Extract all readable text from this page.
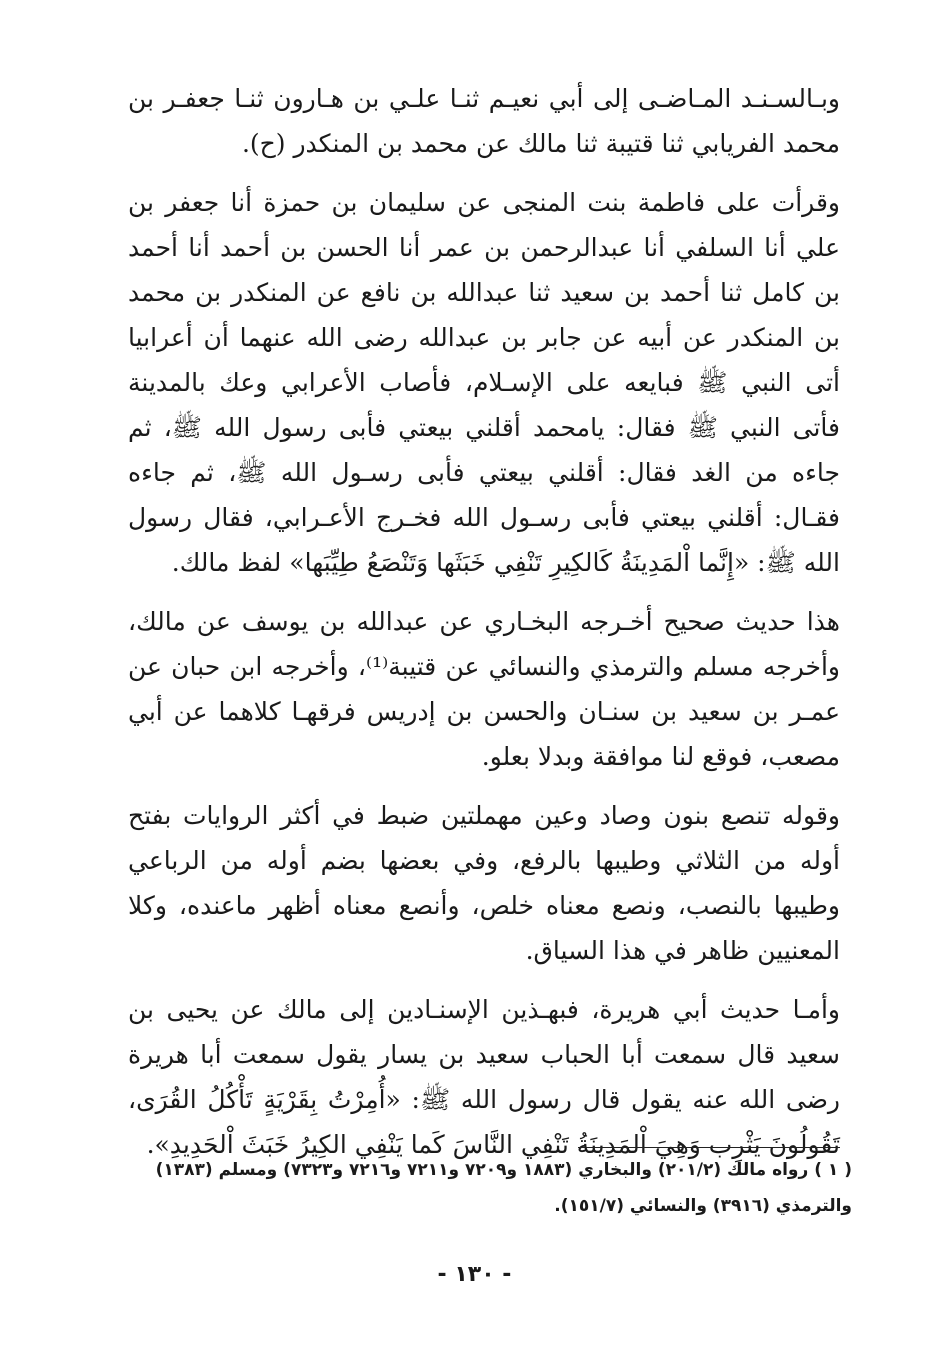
وبـالسـنـد المـاضـى إلى أبي نعيـم ثنـا علـي بن هـارون ثنـا جعفـر بن محمد الفريابي ثنا قتيبة ثنا مالك عن محمد بن المنكدر (ح).

وقرأت على فاطمة بنت المنجى عن سليمان بن حمزة أنا جعفر بن علي أنا السلفي أنا عبدالرحمن بن عمر أنا الحسن بن أحمد أنا أحمد بن كامل ثنا أحمد بن سعيد ثنا عبدالله بن نافع عن المنكدر بن محمد بن المنكدر عن أبيه عن جابر بن عبدالله رضى الله عنهما أن أعرابيا أتى النبي ﷺ فبايعه على الإسـلام، فأصاب الأعرابي وعك بالمدينة فأتى النبي ﷺ فقال: يامحمد أقلني بيعتي فأبى رسول الله ﷺ، ثم جاءه من الغد فقال: أقلني بيعتي فأبى رسـول الله ﷺ، ثم جاءه فقـال: أقلني بيعتي فأبى رسـول الله فخـرج الأعـرابي، فقال رسول الله ﷺ: «إِنَّما اْلمَدِينَةُ كَالكِيرِ تَنْفِي خَبَثَها وَتَنْصَعُ طِيِّبَها» لفظ مالك.

هذا حديث صحيح أخـرجه البخـاري عن عبدالله بن يوسف عن مالك، وأخرجه مسلم والترمذي والنسائي عن قتيبة⁽¹⁾، وأخرجه ابن حبان عن عمـر بن سعيد بن سنـان والحسن بن إدريس فرقهـا كلاهما عن أبي مصعب، فوقع لنا موافقة وبدلا بعلو.

وقوله تنصع بنون وصاد وعين مهملتين ضبط في أكثر الروايات بفتح أوله من الثلاثي وطيبها بالرفع، وفي بعضها بضم أوله من الرباعي وطيبها بالنصب، ونصع معناه خلص، وأنصع معناه أظهر ماعنده، وكلا المعنيين ظاهر في هذا السياق.

وأمـا حديث أبي هريرة، فبهـذين الإسنـادين إلى مالك عن يحيى بن سعيد قال سمعت أبا الحباب سعيد بن يسار يقول سمعت أبا هريرة رضى الله عنه يقول قال رسول الله ﷺ: «أُمِرْتُ بِقَرْيَةٍ تَأْكُلُ القُرَى، تَقُولُونَ يَثْرِب وَهِيَ اْلمَدِينَةُ تَنْفِي النَّاسَ كَما يَنْفِي الكِيرُ خَبَثَ اْلحَدِيدِ».

( ١ ) رواه مالك (٢٠١/٢) والبخاري (١٨٨٣ و٧٢٠٩ و٧٢١١ و٧٢١٦ و٧٣٢٣) ومسلم (١٣٨٣) والترمذي (٣٩١٦) والنسائي (١٥١/٧).

- ١٣٠ -
